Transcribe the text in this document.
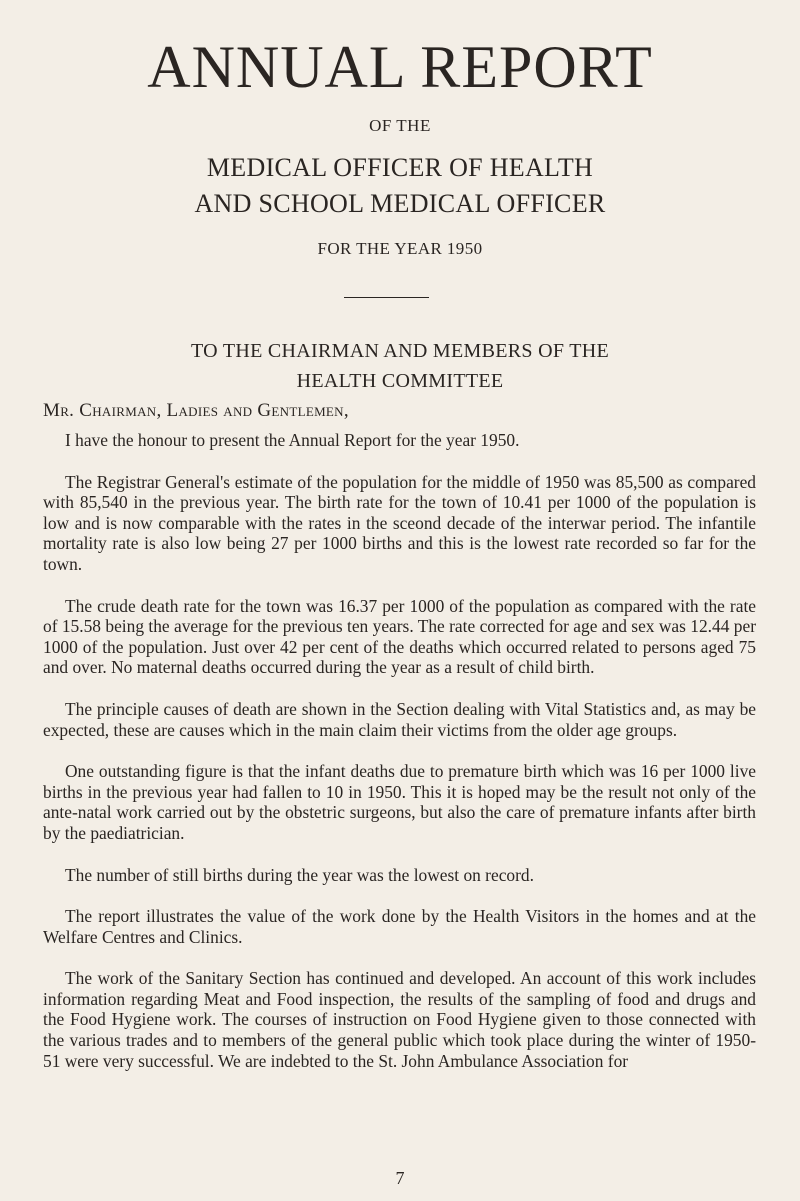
ANNUAL REPORT
OF THE
MEDICAL OFFICER OF HEALTH
AND SCHOOL MEDICAL OFFICER
FOR THE YEAR 1950
TO THE CHAIRMAN AND MEMBERS OF THE
HEALTH COMMITTEE
Mr. Chairman, Ladies and Gentlemen,

I have the honour to present the Annual Report for the year 1950.

The Registrar General's estimate of the population for the middle of 1950 was 85,500 as compared with 85,540 in the previous year. The birth rate for the town of 10.41 per 1000 of the population is low and is now comparable with the rates in the sceond decade of the interwar period. The infantile mortality rate is also low being 27 per 1000 births and this is the lowest rate recorded so far for the town.

The crude death rate for the town was 16.37 per 1000 of the population as compared with the rate of 15.58 being the average for the previous ten years. The rate corrected for age and sex was 12.44 per 1000 of the population. Just over 42 per cent of the deaths which occurred related to persons aged 75 and over. No maternal deaths occurred during the year as a result of child birth.

The principle causes of death are shown in the Section dealing with Vital Statistics and, as may be expected, these are causes which in the main claim their victims from the older age groups.

One outstanding figure is that the infant deaths due to premature birth which was 16 per 1000 live births in the previous year had fallen to 10 in 1950. This it is hoped may be the result not only of the ante-natal work carried out by the obstetric surgeons, but also the care of premature infants after birth by the paediatrician.

The number of still births during the year was the lowest on record.

The report illustrates the value of the work done by the Health Visitors in the homes and at the Welfare Centres and Clinics.

The work of the Sanitary Section has continued and developed. An account of this work includes information regarding Meat and Food inspection, the results of the sampling of food and drugs and the Food Hygiene work. The courses of instruction on Food Hygiene given to those connected with the various trades and to members of the general public which took place during the winter of 1950-51 were very successful. We are indebted to the St. John Ambulance Association for

7
